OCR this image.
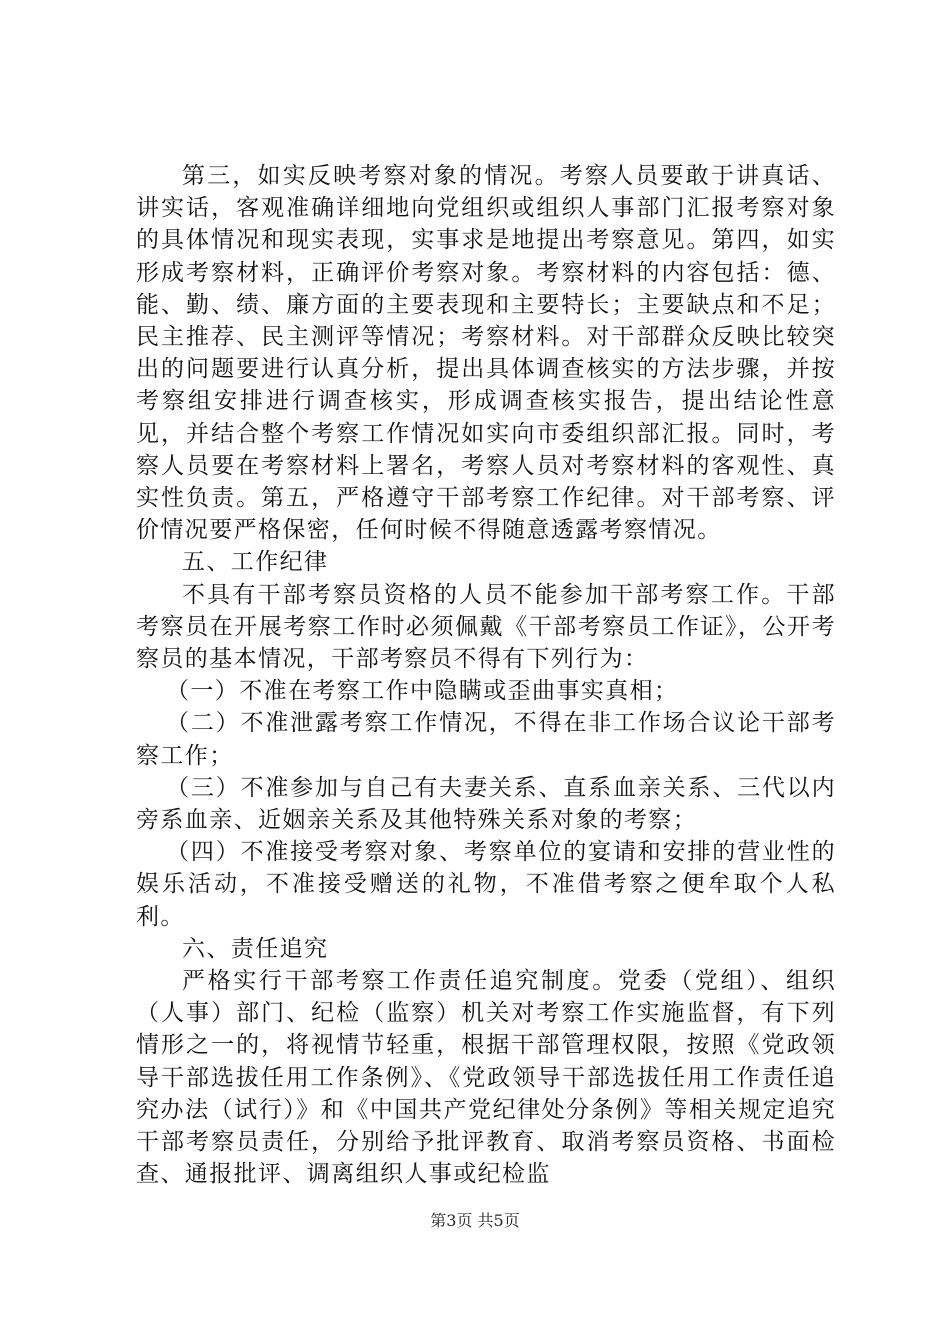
第三，如实反映考察对象的情况。考察人员要敢于讲真话、讲实话，客观准确详细地向党组织或组织人事部门汇报考察对象的具体情况和现实表现，实事求是地提出考察意见。第四，如实形成考察材料，正确评价考察对象。考察材料的内容包括：德、能、勤、绩、廉方面的主要表现和主要特长；主要缺点和不足；民主推荐、民主测评等情况；考察材料。对干部群众反映比较突出的问题要进行认真分析，提出具体调查核实的方法步骤，并按考察组安排进行调查核实，形成调查核实报告，提出结论性意见，并结合整个考察工作情况如实向市委组织部汇报。同时，考察人员要在考察材料上署名，考察人员对考察材料的客观性、真实性负责。第五，严格遵守干部考察工作纪律。对干部考察、评价情况要严格保密，任何时候不得随意透露考察情况。

五、工作纪律

不具有干部考察员资格的人员不能参加干部考察工作。干部考察员在开展考察工作时必须佩戴《干部考察员工作证》，公开考察员的基本情况，干部考察员不得有下列行为：

（一）不准在考察工作中隐瞒或歪曲事实真相；

（二）不准泄露考察工作情况，不得在非工作场合议论干部考察工作；

（三）不准参加与自己有夫妻关系、直系血亲关系、三代以内旁系血亲、近姻亲关系及其他特殊关系对象的考察；

（四）不准接受考察对象、考察单位的宴请和安排的营业性的娱乐活动，不准接受赠送的礼物，不准借考察之便牟取个人私利。

六、责任追究

严格实行干部考察工作责任追究制度。党委（党组）、组织（人事）部门、纪检（监察）机关对考察工作实施监督，有下列情形之一的，将视情节轻重，根据干部管理权限，按照《党政领导干部选拔任用工作条例》、《党政领导干部选拔任用工作责任追究办法（试行）》和《中国共产党纪律处分条例》等相关规定追究干部考察员责任，分别给予批评教育、取消考察员资格、书面检查、通报批评、调离组织人事或纪检监

第3页 共5页
